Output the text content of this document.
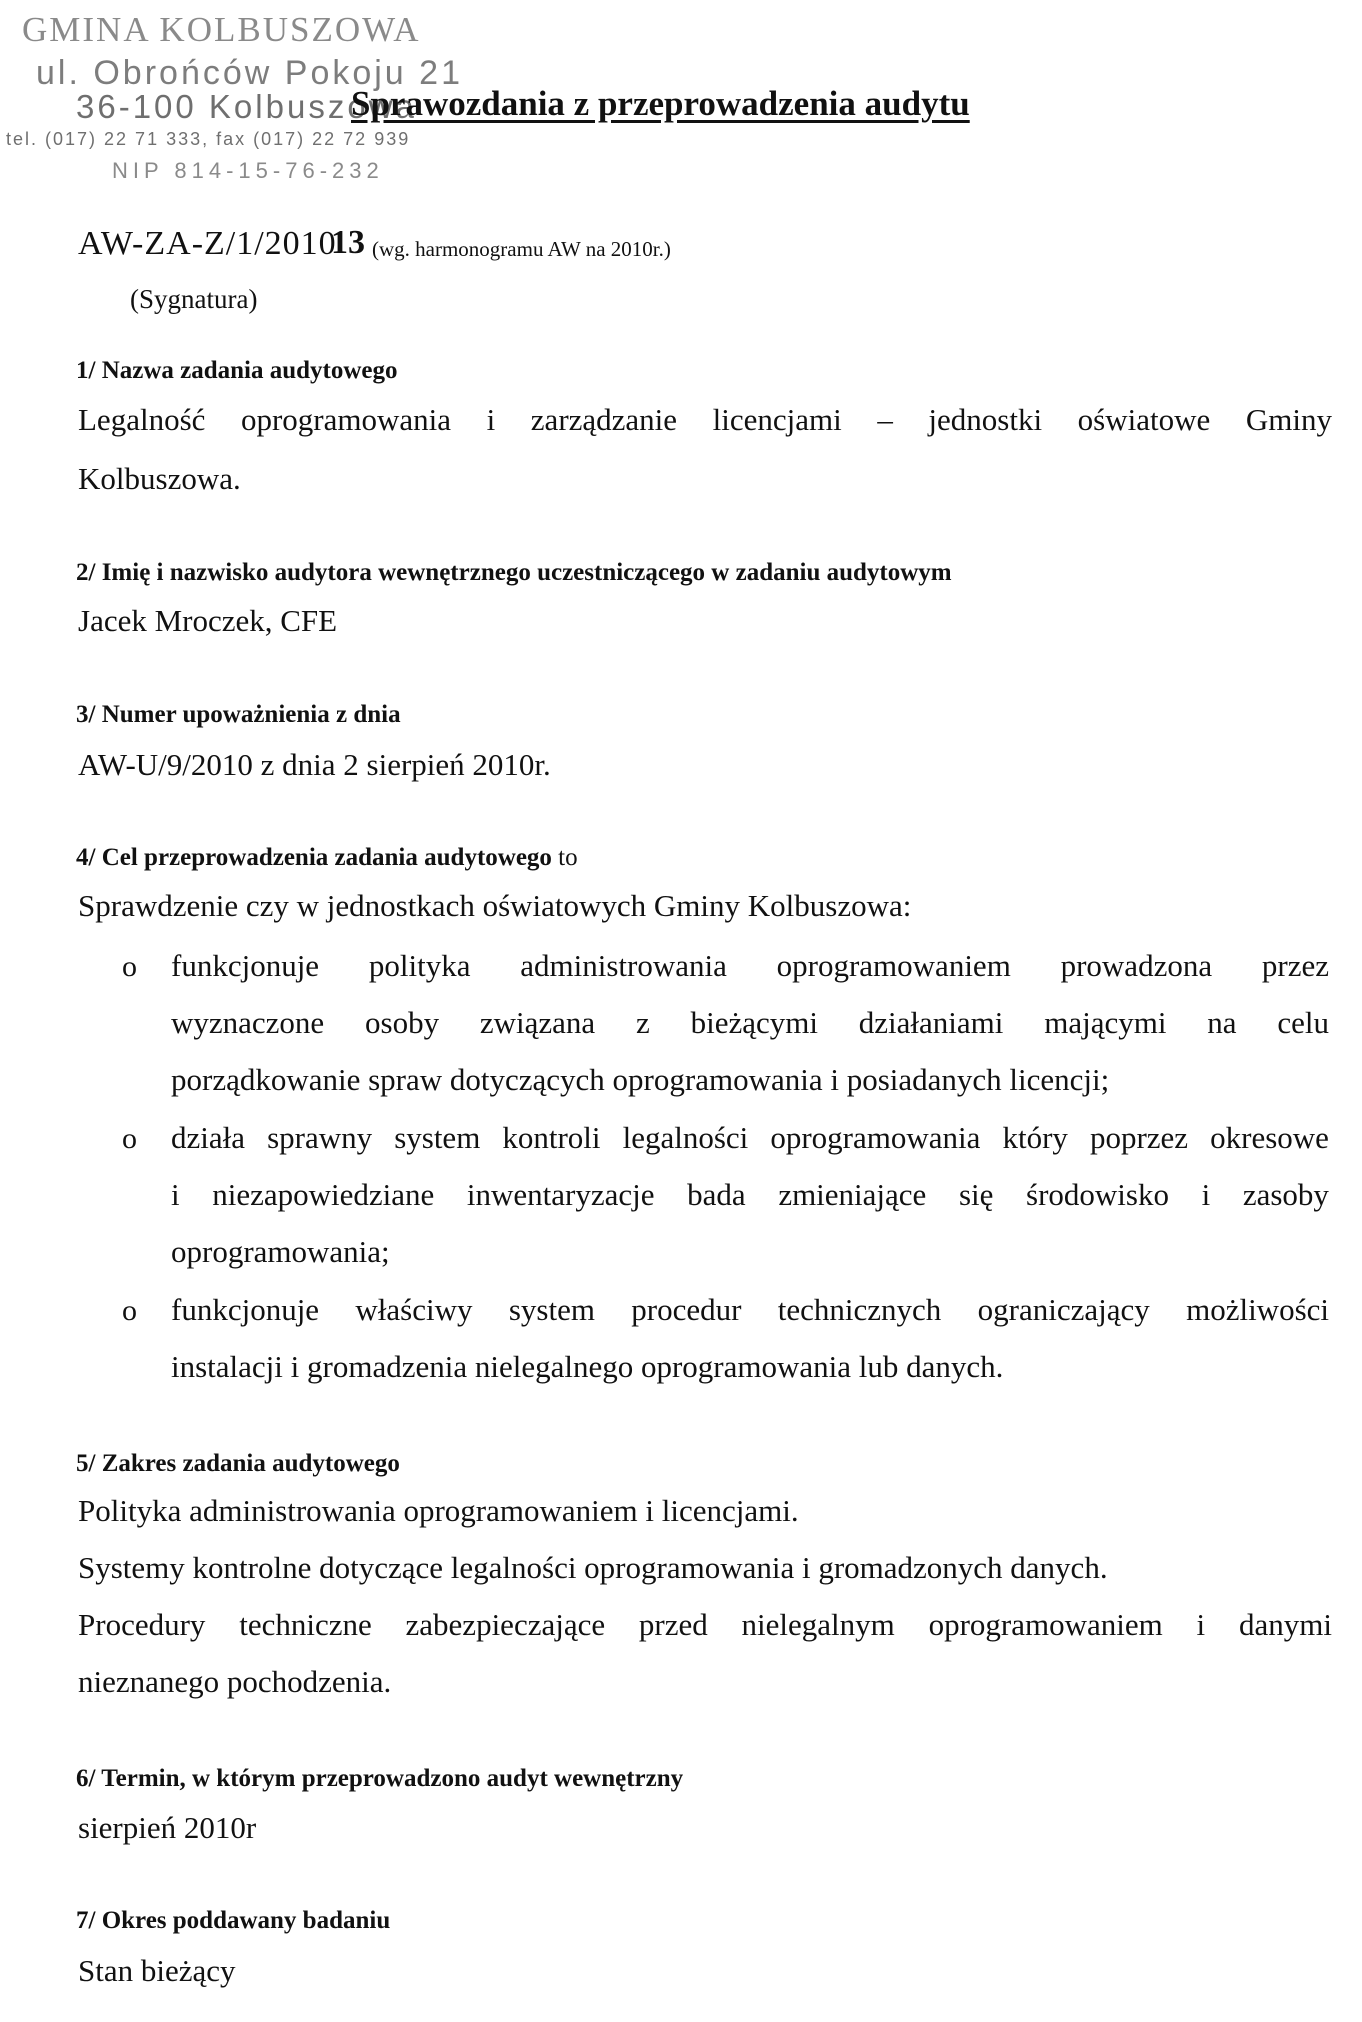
GMINA KOLBUSZOWA
ul. Obrońców Pokoju 21
36-100 Kolbuszowa
tel. (017) 22 71 333, fax (017) 22 72 939
NIP 814-15-76-232
Sprawozdania z przeprowadzenia audytu
AW-ZA-Z/1/2010
13 (wg. harmonogramu AW na 2010r.)
(Sygnatura)
1/ Nazwa zadania audytowego
Legalność oprogramowania i zarządzanie licencjami – jednostki oświatowe Gminy
Kolbuszowa.
2/ Imię i nazwisko audytora wewnętrznego uczestniczącego w zadaniu audytowym
Jacek Mroczek, CFE
3/ Numer upoważnienia z dnia
AW-U/9/2010 z dnia 2 sierpień 2010r.
4/ Cel przeprowadzenia zadania audytowego to
Sprawdzenie czy w jednostkach oświatowych Gminy Kolbuszowa:
o funkcjonuje polityka administrowania oprogramowaniem prowadzona przez
wyznaczone osoby związana z bieżącymi działaniami mającymi na celu
porządkowanie spraw dotyczących oprogramowania i posiadanych licencji;
o działa sprawny system kontroli legalności oprogramowania który poprzez okresowe
i niezapowiedziane inwentaryzacje bada zmieniające się środowisko i zasoby
oprogramowania;
o funkcjonuje właściwy system procedur technicznych ograniczający możliwości
instalacji i gromadzenia nielegalnego oprogramowania lub danych.
5/ Zakres zadania audytowego
Polityka administrowania oprogramowaniem i licencjami.
Systemy kontrolne dotyczące legalności oprogramowania i gromadzonych danych.
Procedury techniczne zabezpieczające przed nielegalnym oprogramowaniem i danymi
nieznanego pochodzenia.
6/ Termin, w którym przeprowadzono audyt wewnętrzny
sierpień 2010r
7/ Okres poddawany badaniu
Stan bieżący
